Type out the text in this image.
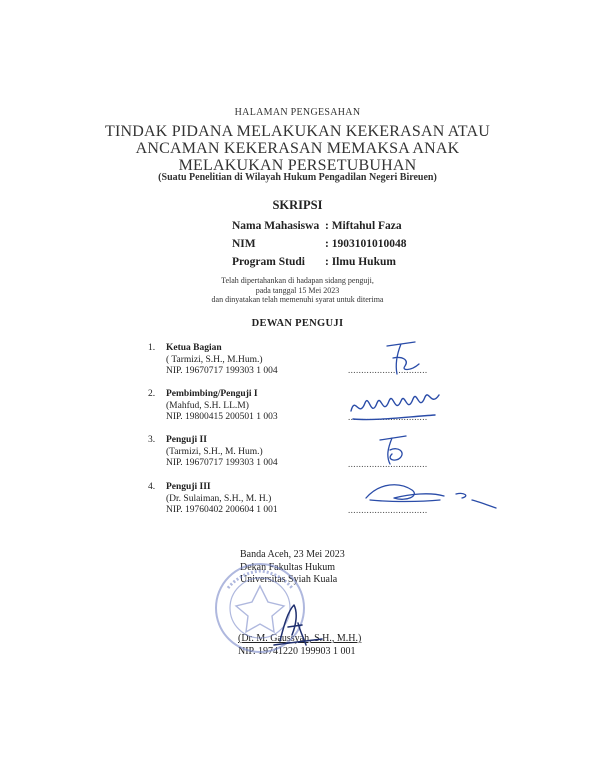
HALAMAN PENGESAHAN
TINDAK PIDANA MELAKUKAN KEKERASAN ATAU
ANCAMAN KEKERASAN MEMAKSA ANAK
MELAKUKAN PERSETUBUHAN
(Suatu Penelitian di Wilayah Hukum Pengadilan Negeri Bireuen)
SKRIPSI
Nama Mahasiswa : Miftahul Faza
NIM	: 1903101010048
Program Studi : Ilmu Hukum
Telah dipertahankan di hadapan sidang penguji,
pada tanggal 15 Mei 2023
dan dinyatakan telah memenuhi syarat untuk diterima
DEWAN PENGUJI
1. Ketua Bagian
( Tarmizi, S.H., M.Hum.)
NIP. 19670717 199303 1 004	..............................
2. Pembimbing/Penguji I
(Mahfud, S.H. LL.M)
NIP. 19800415 200501 1 003	..............................
3. Penguji II
(Tarmizi, S.H., M. Hum.)
NIP. 19670717 199303 1 004	..............................
4. Penguji III
(Dr. Sulaiman, S.H., M. H.)
NIP. 19760402 200604 1 001	..............................
Banda Aceh, 23 Mei 2023
Dekan Fakultas Hukum
Universitas Syiah Kuala
(Dr. M. Gaussyah, S.H., M.H.)
NIP. 19741220 199903 1 001
